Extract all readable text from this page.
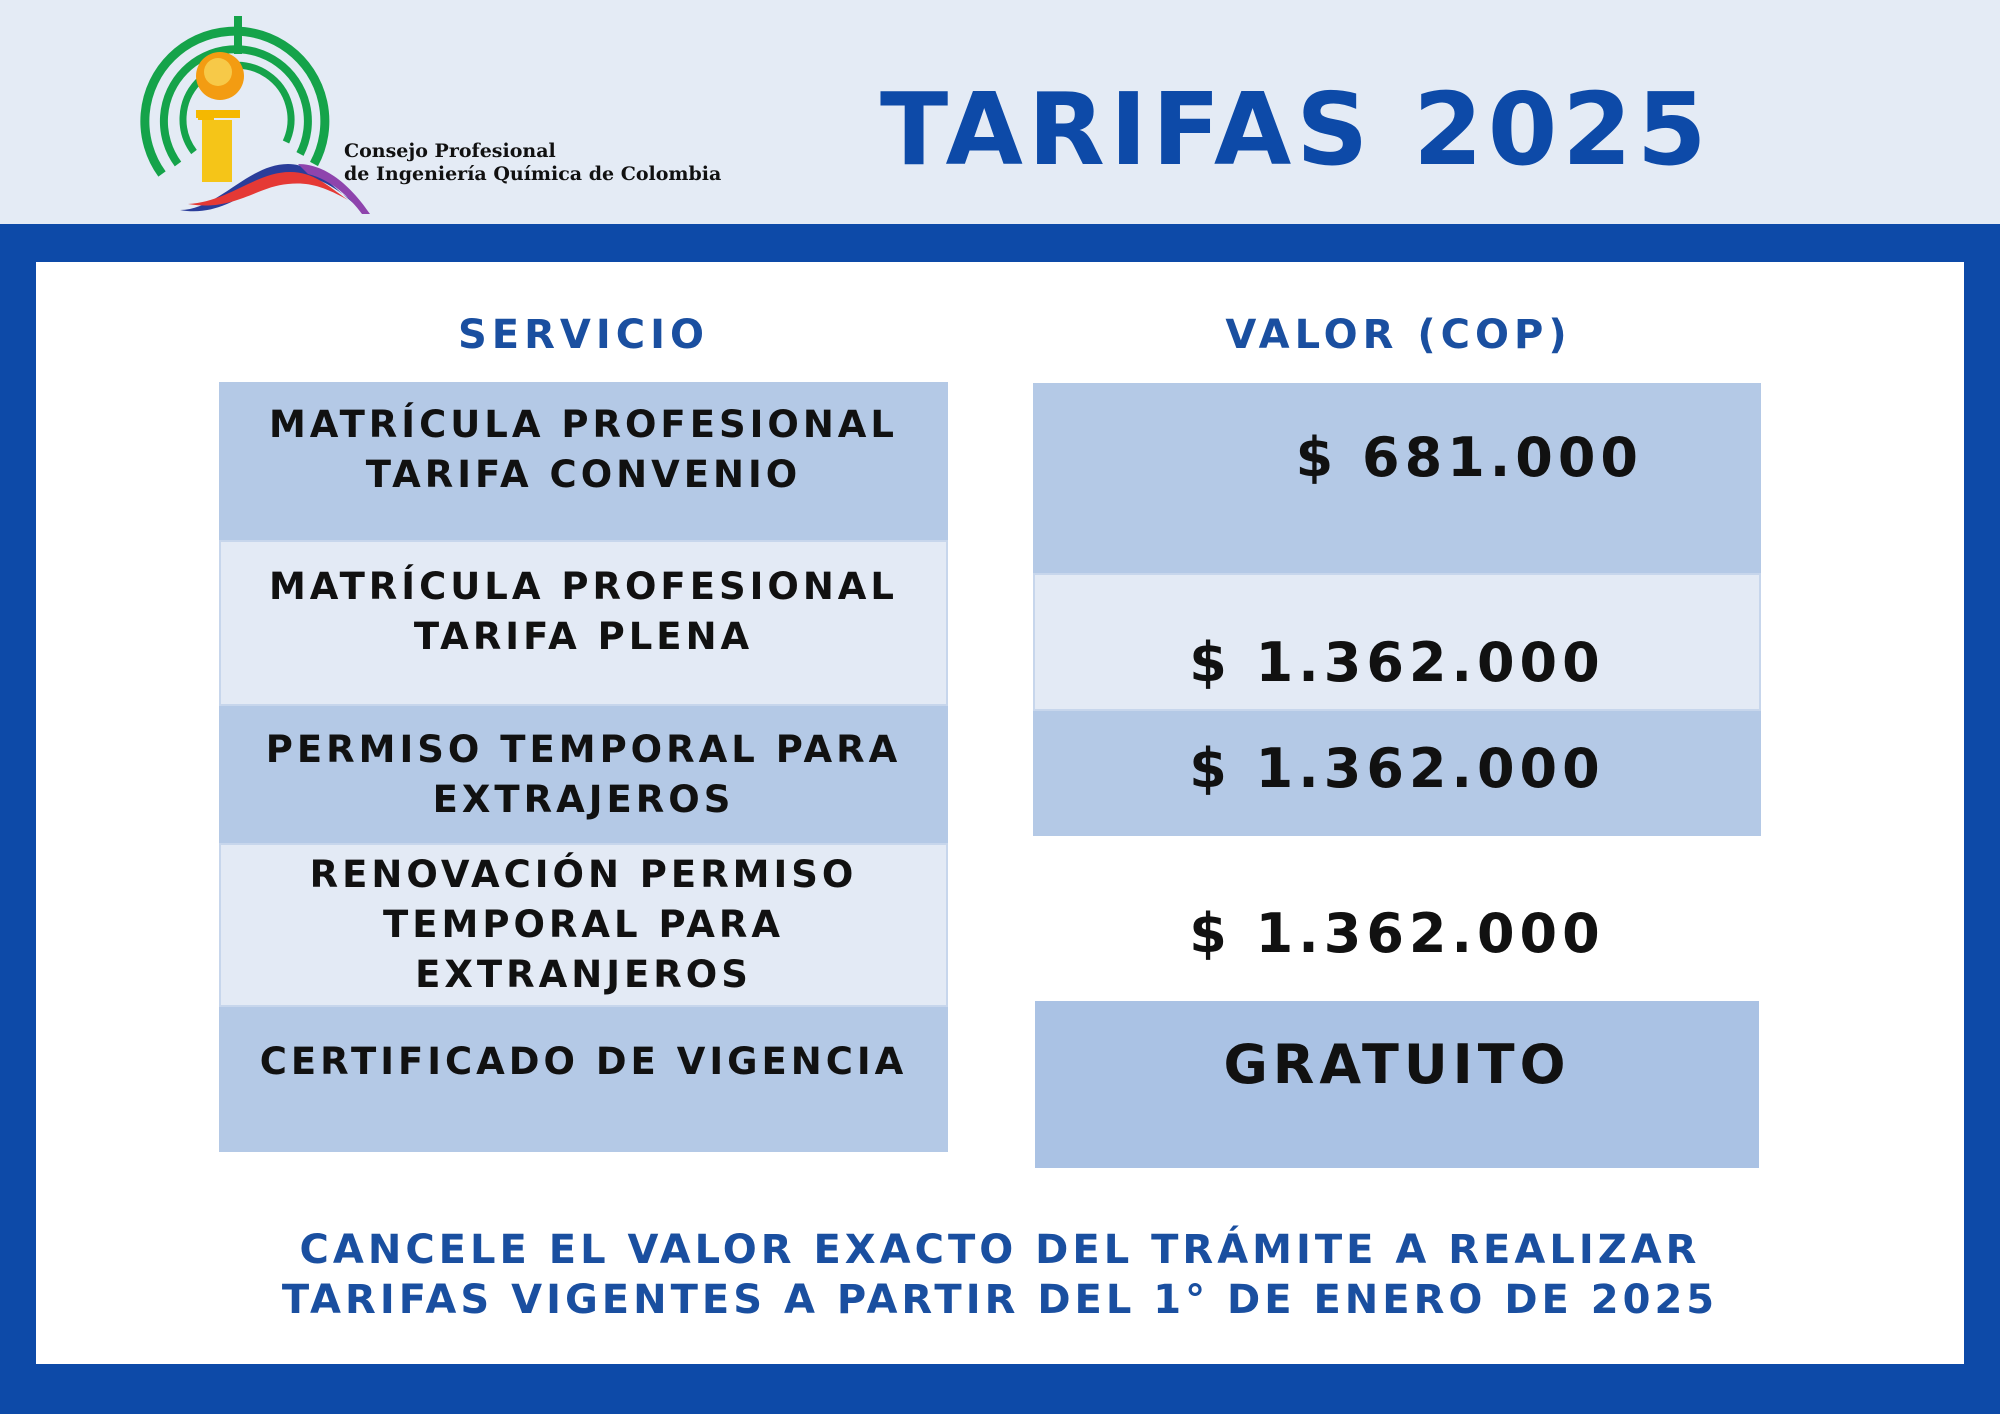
Consejo Profesional
de Ingeniería Química de Colombia TARIFAS 2025
SERVICIO	VALOR (COP)
MATRÍCULA PROFESIONAL
TARIFA CONVENIO
MATRÍCULA PROFESIONAL
TARIFA PLENA
PERMISO TEMPORAL PARA
EXTRAJEROS
RENOVACIÓN PERMISO
TEMPORAL PARA EXTRANJEROS
CERTIFICADO DE VIGENCIA
$ 681.000
$ 1.362.000
$ 1.362.000
$ 1.362.000
GRATUITO
CANCELE EL VALOR EXACTO DEL TRÁMITE A REALIZAR
TARIFAS VIGENTES A PARTIR DEL 1° DE ENERO DE 2025
